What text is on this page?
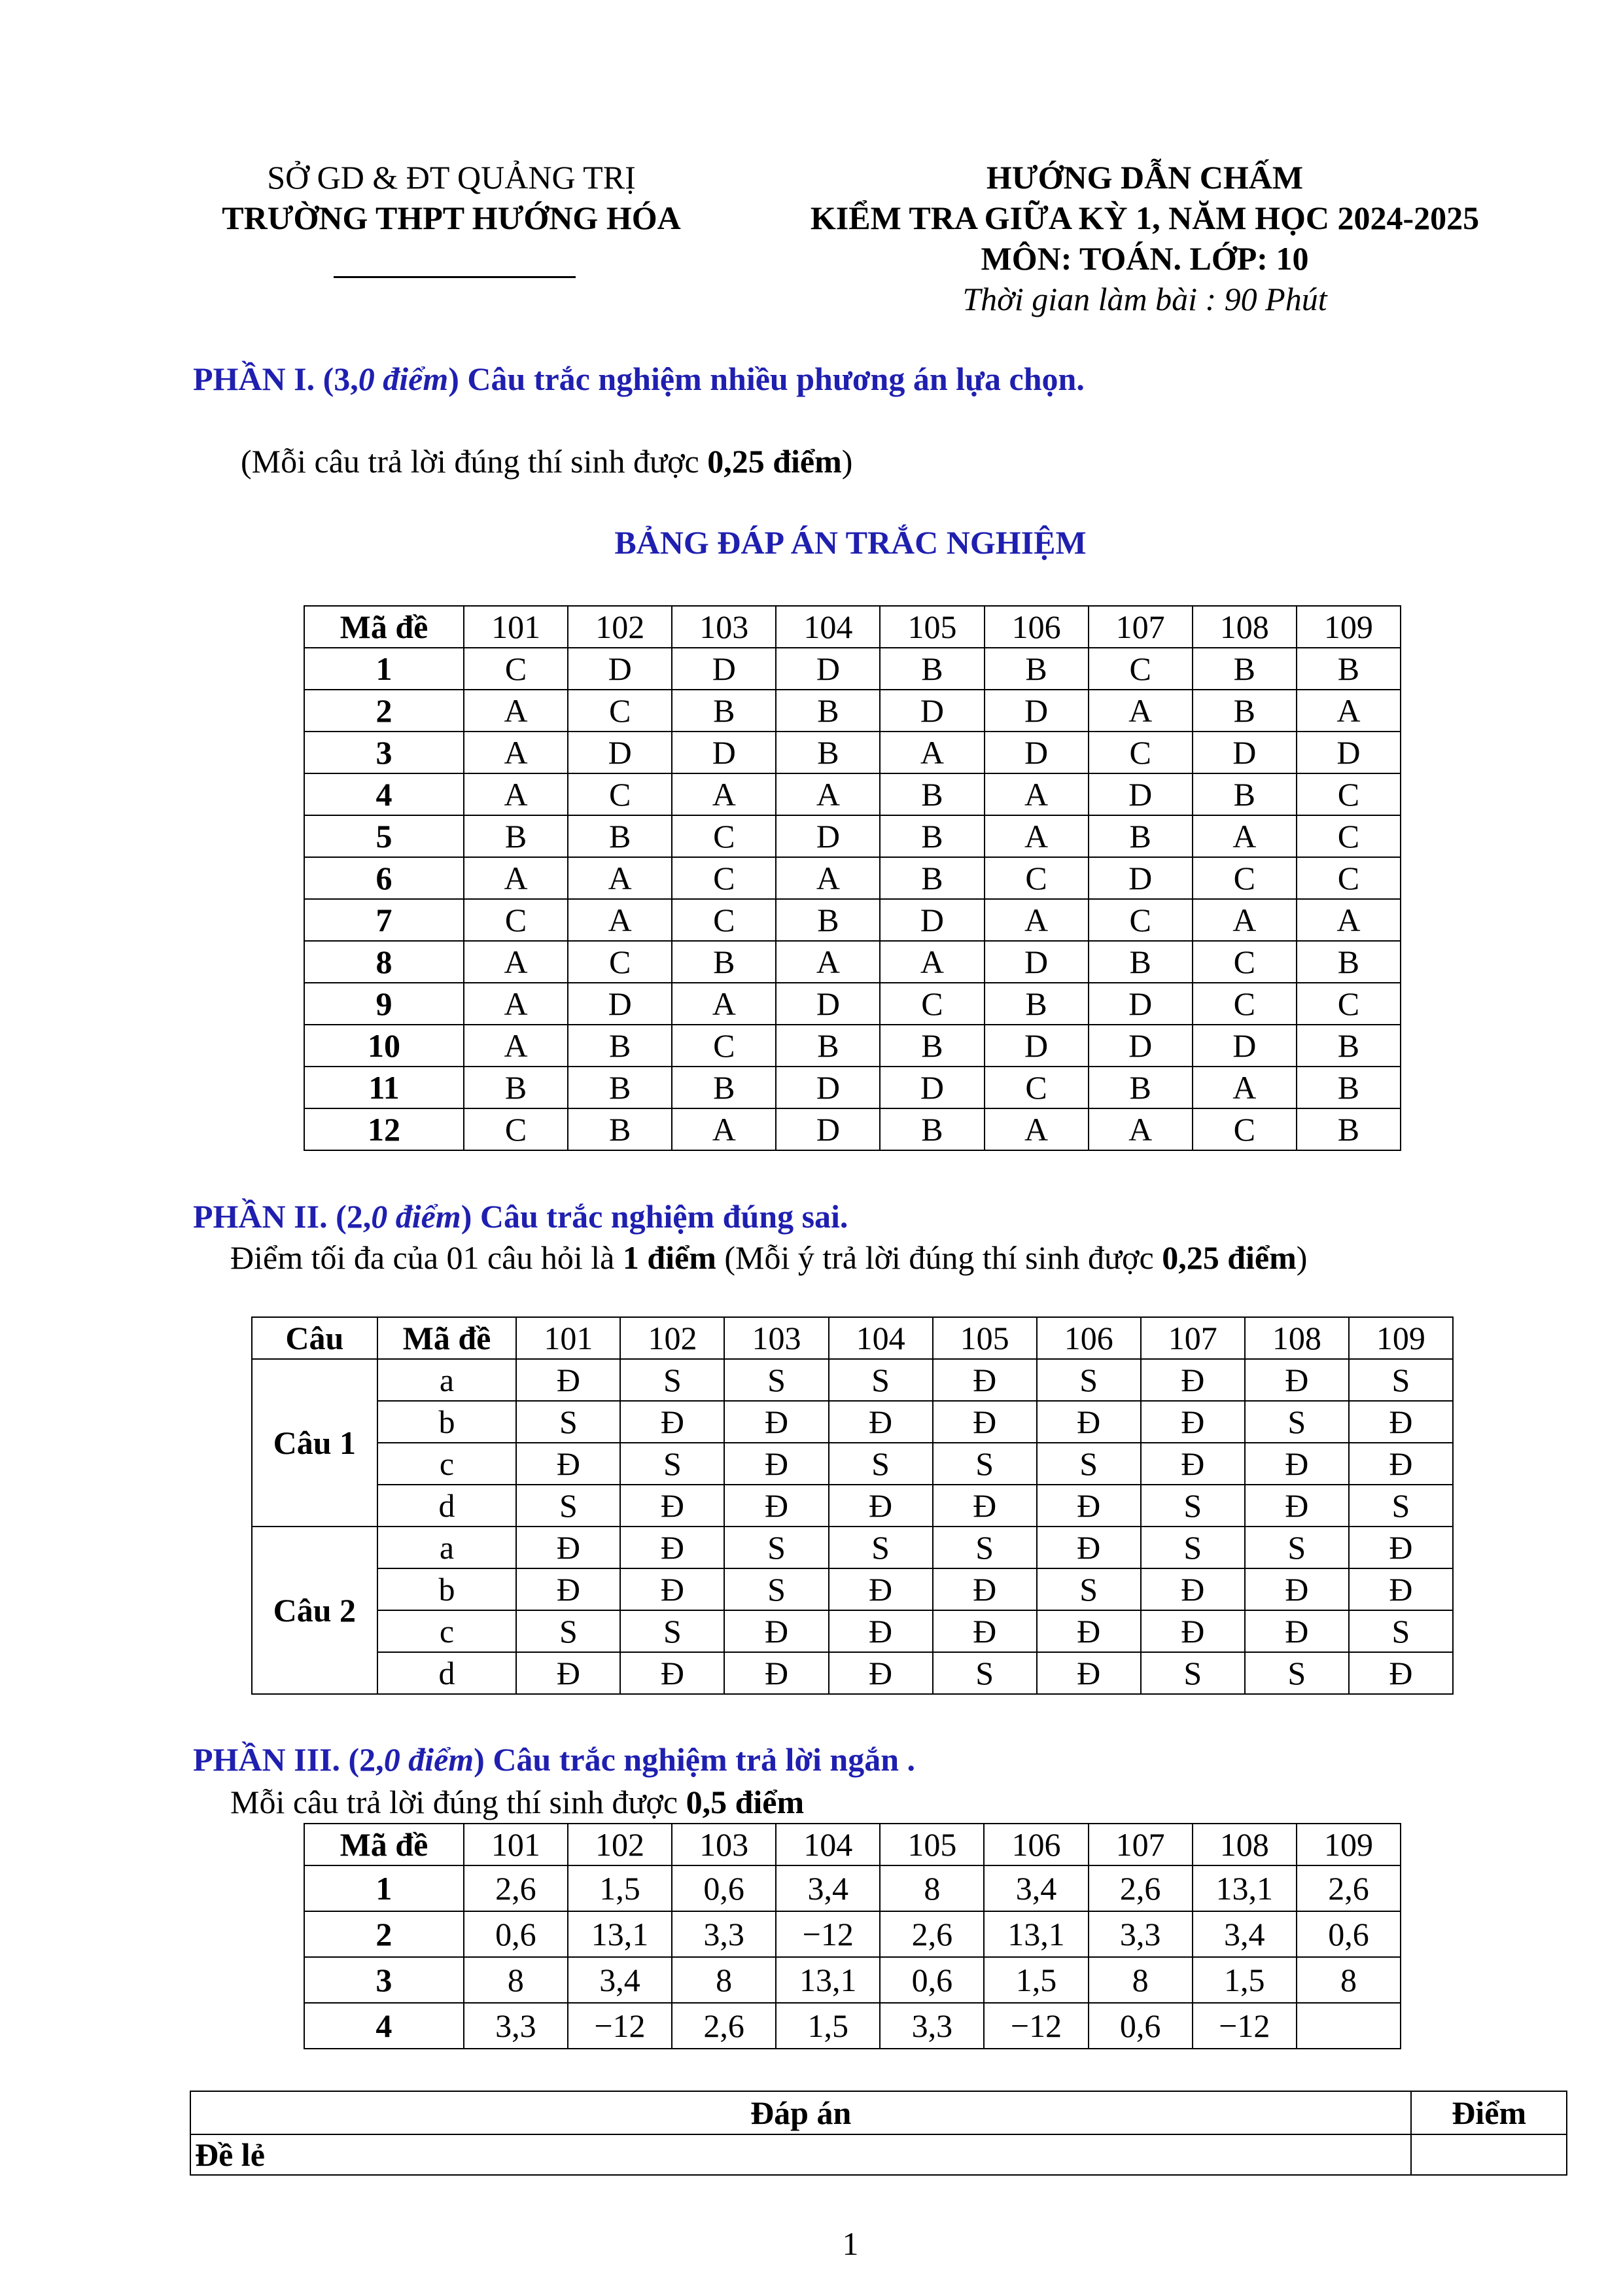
SỞ GD & ĐT QUẢNG TRỊ
TRƯỜNG THPT HƯỚNG HÓA
HƯỚNG DẪN CHẤM
KIỂM TRA GIỮA KỲ 1, NĂM HỌC 2024-2025
MÔN: TOÁN. LỚP: 10
Thời gian làm bài : 90 Phút
PHẦN I. (3,0 điểm) Câu trắc nghiệm nhiều phương án lựa chọn.
(Mỗi câu trả lời đúng thí sinh được 0,25 điểm)
BẢNG ĐÁP ÁN TRẮC NGHIỆM
Mã đề	101	102	103	104	105	106	107	108	109
1	C	D	D	D	B	B	C	B	B
2	A	C	B	B	D	D	A	B	A
3	A	D	D	B	A	D	C	D	D
4	A	C	A	A	B	A	D	B	C
5	B	B	C	D	B	A	B	A	C
6	A	A	C	A	B	C	D	C	C
7	C	A	C	B	D	A	C	A	A
8	A	C	B	A	A	D	B	C	B
9	A	D	A	D	C	B	D	C	C
10	A	B	C	B	B	D	D	D	B
11	B	B	B	D	D	C	B	A	B
12	C	B	A	D	B	A	A	C	B
PHẦN II. (2,0 điểm) Câu trắc nghiệm đúng sai.
Điểm tối đa của 01 câu hỏi là 1 điểm (Mỗi ý trả lời đúng thí sinh được 0,25 điểm)
Câu	Mã đề	101	102	103	104	105	106	107	108	109
Câu 1	a	Đ	S	S	S	Đ	S	Đ	Đ	S
	b	S	Đ	Đ	Đ	Đ	Đ	Đ	S	Đ
	c	Đ	S	Đ	S	S	S	Đ	Đ	Đ
	d	S	Đ	Đ	Đ	Đ	Đ	S	Đ	S
Câu 2	a	Đ	Đ	S	S	S	Đ	S	S	Đ
	b	Đ	Đ	S	Đ	Đ	S	Đ	Đ	Đ
	c	S	S	Đ	Đ	Đ	Đ	Đ	Đ	S
	d	Đ	Đ	Đ	Đ	S	Đ	S	S	Đ
PHẦN III. (2,0 điểm) Câu trắc nghiệm trả lời ngắn .
Mỗi câu trả lời đúng thí sinh được 0,5 điểm
Mã đề	101	102	103	104	105	106	107	108	109
1	2,6	1,5	0,6	3,4	8	3,4	2,6	13,1	2,6
2	0,6	13,1	3,3	−12	2,6	13,1	3,3	3,4	0,6
3	8	3,4	8	13,1	0,6	1,5	8	1,5	8
4	3,3	−12	2,6	1,5	3,3	−12	0,6	−12	
Đáp án	Điểm
Đề lẻ	
1
